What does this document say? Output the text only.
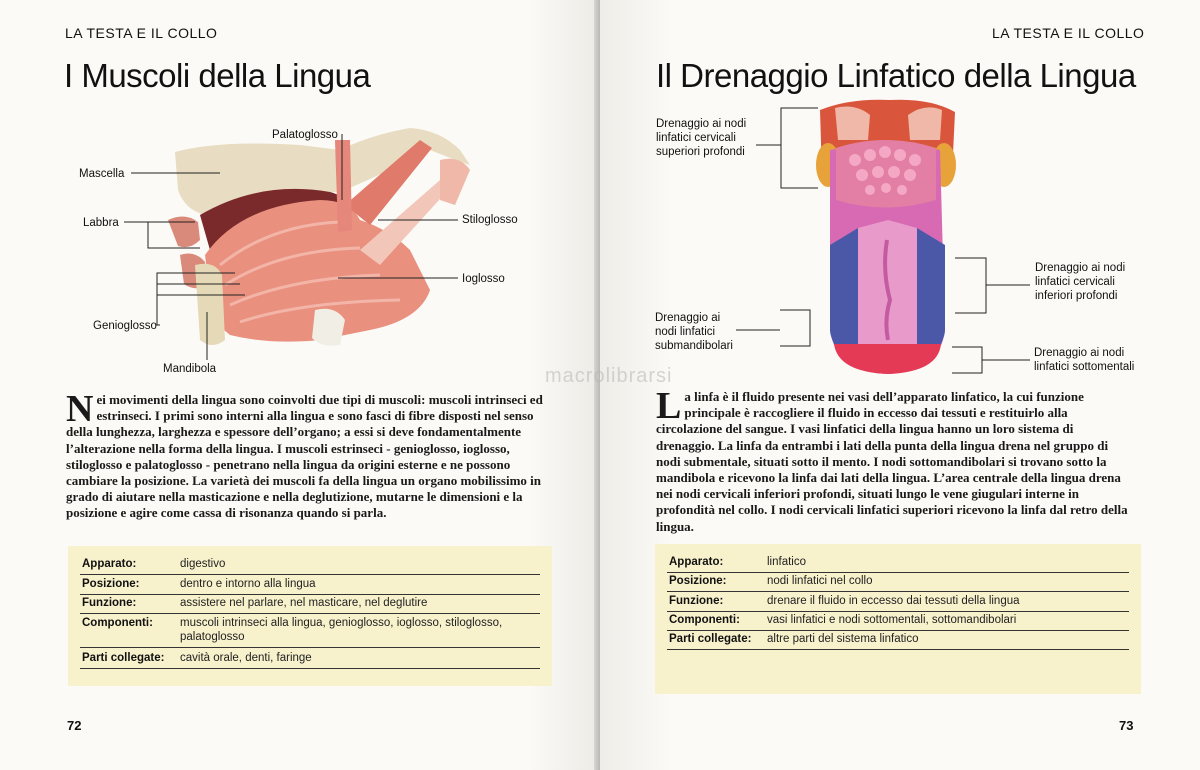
LA TESTA E IL COLLO
I Muscoli della Lingua
Palatoglosso
Mascella
Labbra	Stiloglosso
Ioglosso
Genioglosso
Mandibola
Nei movimenti della lingua sono coinvolti due tipi di muscoli: muscoli intrinseci ed estrinseci. I primi sono interni alla lingua e sono fasci di fibre disposti nel senso della lunghezza, larghezza e spessore dell’organo; a essi si deve fondamentalmente l’alterazione nella forma della lingua. I muscoli estrinseci - genioglosso, ioglosso, stiloglosso e palatoglosso - penetrano nella lingua da origini esterne e ne possono cambiare la posizione. La varietà dei muscoli fa della lingua un organo mobilissimo in grado di aiutare nella masticazione e nella deglutizione, mutarne le dimensioni e la posizione e agire come cassa di risonanza quando si parla.
Apparato:	digestivo
Posizione:	dentro e intorno alla lingua
Funzione:	assistere nel parlare, nel masticare, nel deglutire
Componenti: muscoli intrinseci alla lingua, genioglosso, ioglosso, stiloglosso, palatoglosso
Parti collegate: cavità orale, denti, faringe
72
LA TESTA E IL COLLO
Il Drenaggio Linfatico della Lingua
Drenaggio ai nodi linfatici cervicali superiori profondi
Drenaggio ai nodi linfatici cervicali inferiori profondi
Drenaggio ai nodi linfatici submandibolari
Drenaggio ai nodi linfatici sottomentali
La linfa è il fluido presente nei vasi dell’apparato linfatico, la cui funzione principale è raccogliere il fluido in eccesso dai tessuti e restituirlo alla circolazione del sangue. I vasi linfatici della lingua hanno un loro sistema di drenaggio. La linfa da entrambi i lati della punta della lingua drena nel gruppo di nodi submentale, situati sotto il mento. I nodi sottomandibolari si trovano sotto la mandibola e ricevono la linfa dai lati della lingua. L’area centrale della lingua drena nei nodi cervicali inferiori profondi, situati lungo le vene giugulari interne in profondità nel collo. I nodi cervicali linfatici superiori ricevono la linfa dal retro della lingua.
Apparato:	linfatico
Posizione:	nodi linfatici nel collo
Funzione:	drenare il fluido in eccesso dai tessuti della lingua
Componenti: vasi linfatici e nodi sottomentali, sottomandibolari
Parti collegate: altre parti del sistema linfatico
73
macrolibrarsi
